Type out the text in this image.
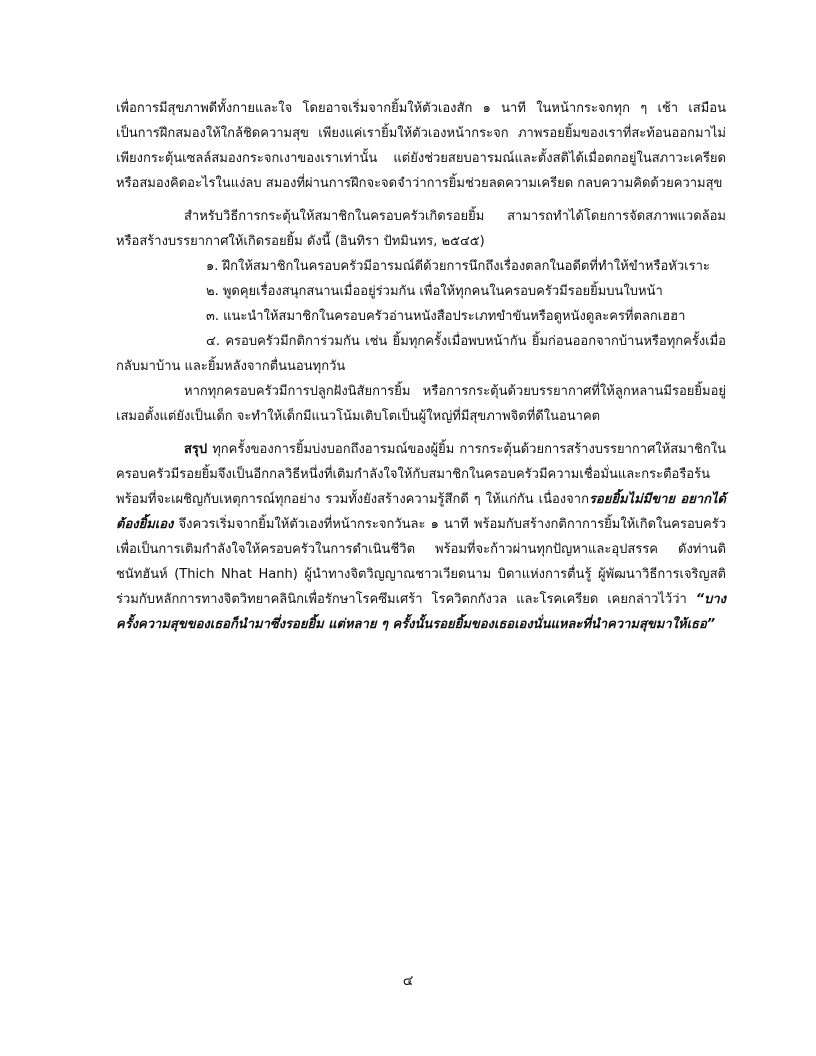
เพื่อการมีสุขภาพดีทั้งกายและใจ โดยอาจเริ่มจากยิ้มให้ตัวเองสัก ๑ นาที ในหน้ากระจกทุก ๆ เช้า เสมือนเป็นการฝึกสมองให้ใกล้ชิดความสุข เพียงแค่เรายิ้มให้ตัวเองหน้ากระจก ภาพรอยยิ้มของเราที่สะท้อนออกมาไม่เพียงกระตุ้นเซลล์สมองกระจกเงาของเราเท่านั้น แต่ยังช่วยสยบอารมณ์และตั้งสติได้เมื่อตกอยู่ในสภาวะเครียด หรือสมองคิดอะไรในแง่ลบ สมองที่ผ่านการฝึกจะจดจำว่าการยิ้มช่วยลดความเครียด กลบความคิดด้วยความสุข

สำหรับวิธีการกระตุ้นให้สมาชิกในครอบครัวเกิดรอยยิ้ม สามารถทำได้โดยการจัดสภาพแวดล้อมหรือสร้างบรรยากาศให้เกิดรอยยิ้ม ดังนี้ (อินทิรา ปัทมินทร, ๒๕๔๕)

๑. ฝึกให้สมาชิกในครอบครัวมีอารมณ์ดีด้วยการนึกถึงเรื่องตลกในอดีตที่ทำให้ขำหรือหัวเราะ

๒. พูดคุยเรื่องสนุกสนานเมื่ออยู่ร่วมกัน เพื่อให้ทุกคนในครอบครัวมีรอยยิ้มบนใบหน้า

๓. แนะนำให้สมาชิกในครอบครัวอ่านหนังสือประเภทขำขันหรือดูหนังดูละครที่ตลกเฮฮา

๔. ครอบครัวมีกติการ่วมกัน เช่น ยิ้มทุกครั้งเมื่อพบหน้ากัน ยิ้มก่อนออกจากบ้านหรือทุกครั้งเมื่อกลับมาบ้าน และยิ้มหลังจากตื่นนอนทุกวัน

หากทุกครอบครัวมีการปลูกฝังนิสัยการยิ้ม หรือการกระตุ้นด้วยบรรยากาศที่ให้ลูกหลานมีรอยยิ้มอยู่เสมอตั้งแต่ยังเป็นเด็ก จะทำให้เด็กมีแนวโน้มเติบโตเป็นผู้ใหญ่ที่มีสุขภาพจิตที่ดีในอนาคต

สรุป ทุกครั้งของการยิ้มบ่งบอกถึงอารมณ์ของผู้ยิ้ม การกระตุ้นด้วยการสร้างบรรยากาศให้สมาชิกในครอบครัวมีรอยยิ้มจึงเป็นอีกกลวิธีหนึ่งที่เติมกำลังใจให้กับสมาชิกในครอบครัวมีความเชื่อมั่นและกระตือรือร้นพร้อมที่จะเผชิญกับเหตุการณ์ทุกอย่าง รวมทั้งยังสร้างความรู้สึกดี ๆ ให้แก่กัน เนื่องจากรอยยิ้มไม่มีขาย อยากได้ต้องยิ้มเอง จึงควรเริ่มจากยิ้มให้ตัวเองที่หน้ากระจกวันละ ๑ นาที พร้อมกับสร้างกติกาการยิ้มให้เกิดในครอบครัว เพื่อเป็นการเติมกำลังใจให้ครอบครัวในการดำเนินชีวิต พร้อมที่จะก้าวผ่านทุกปัญหาและอุปสรรค ดังท่านติชนัทฮันห์ (Thich Nhat Hanh) ผู้นำทางจิตวิญญาณชาวเวียดนาม บิดาแห่งการตื่นรู้ ผู้พัฒนาวิธีการเจริญสติร่วมกับหลักการทางจิตวิทยาคลินิกเพื่อรักษาโรคซึมเศร้า โรควิตกกังวล และโรคเครียด เคยกล่าวไว้ว่า “บางครั้งความสุขของเธอก็นำมาซึ่งรอยยิ้ม แต่หลาย ๆ ครั้งนั้นรอยยิ้มของเธอเองนั่นแหละที่นำความสุขมาให้เธอ”

๔
